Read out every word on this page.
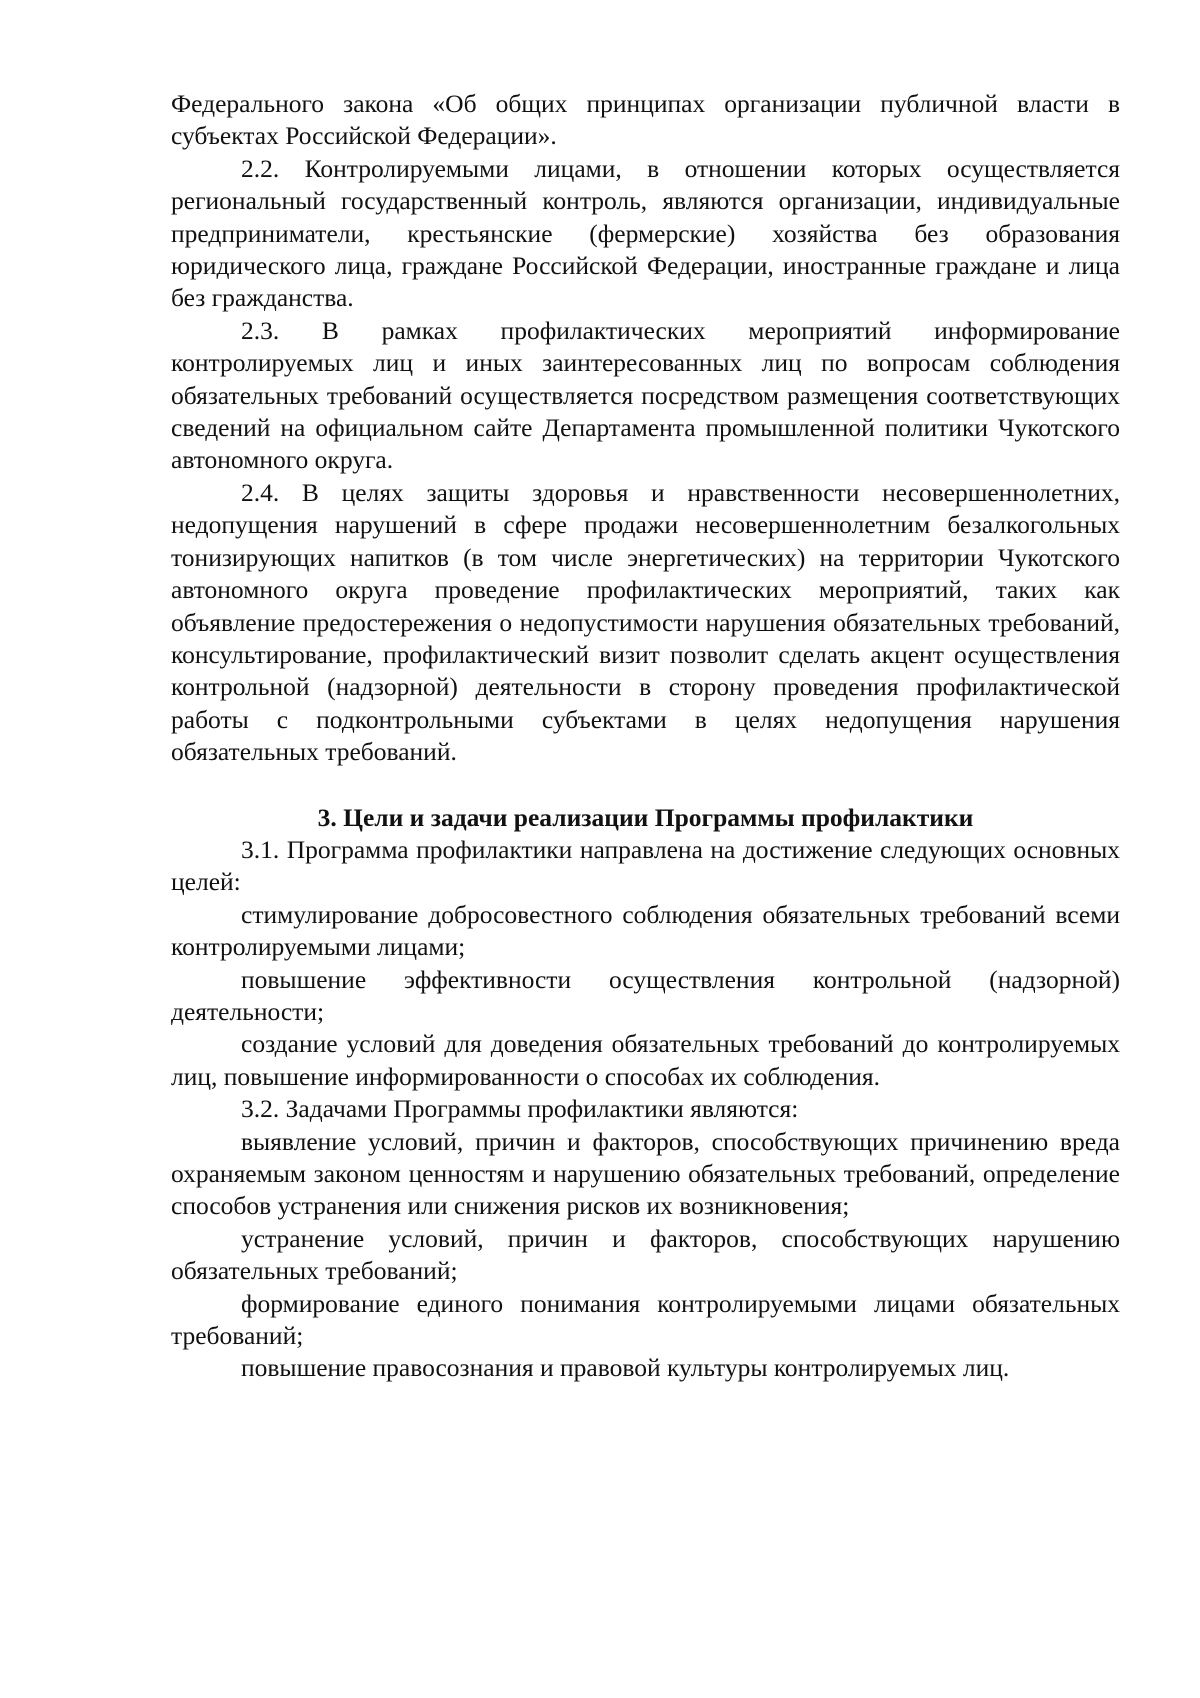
Федерального закона «Об общих принципах организации публичной власти в субъектах Российской Федерации».

2.2. Контролируемыми лицами, в отношении которых осуществляется региональный государственный контроль, являются организации, индивидуальные предприниматели, крестьянские (фермерские) хозяйства без образования юридического лица, граждане Российской Федерации, иностранные граждане и лица без гражданства.

2.3. В рамках профилактических мероприятий информирование контролируемых лиц и иных заинтересованных лиц по вопросам соблюдения обязательных требований осуществляется посредством размещения соответствующих сведений на официальном сайте Департамента промышленной политики Чукотского автономного округа.

2.4. В целях защиты здоровья и нравственности несовершеннолетних, недопущения нарушений в сфере продажи несовершеннолетним безалкогольных тонизирующих напитков (в том числе энергетических) на территории Чукотского автономного округа проведение профилактических мероприятий, таких как объявление предостережения о недопустимости нарушения обязательных требований, консультирование, профилактический визит позволит сделать акцент осуществления контрольной (надзорной) деятельности в сторону проведения профилактической работы с подконтрольными субъектами в целях недопущения нарушения обязательных требований.

3. Цели и задачи реализации Программы профилактики

3.1. Программа профилактики направлена на достижение следующих основных целей:

стимулирование добросовестного соблюдения обязательных требований всеми контролируемыми лицами;

повышение эффективности осуществления контрольной (надзорной) деятельности;

создание условий для доведения обязательных требований до контролируемых лиц, повышение информированности о способах их соблюдения.

3.2. Задачами Программы профилактики являются:

выявление условий, причин и факторов, способствующих причинению вреда охраняемым законом ценностям и нарушению обязательных требований, определение способов устранения или снижения рисков их возникновения;

устранение условий, причин и факторов, способствующих нарушению обязательных требований;

формирование единого понимания контролируемыми лицами обязательных требований;

повышение правосознания и правовой культуры контролируемых лиц.
